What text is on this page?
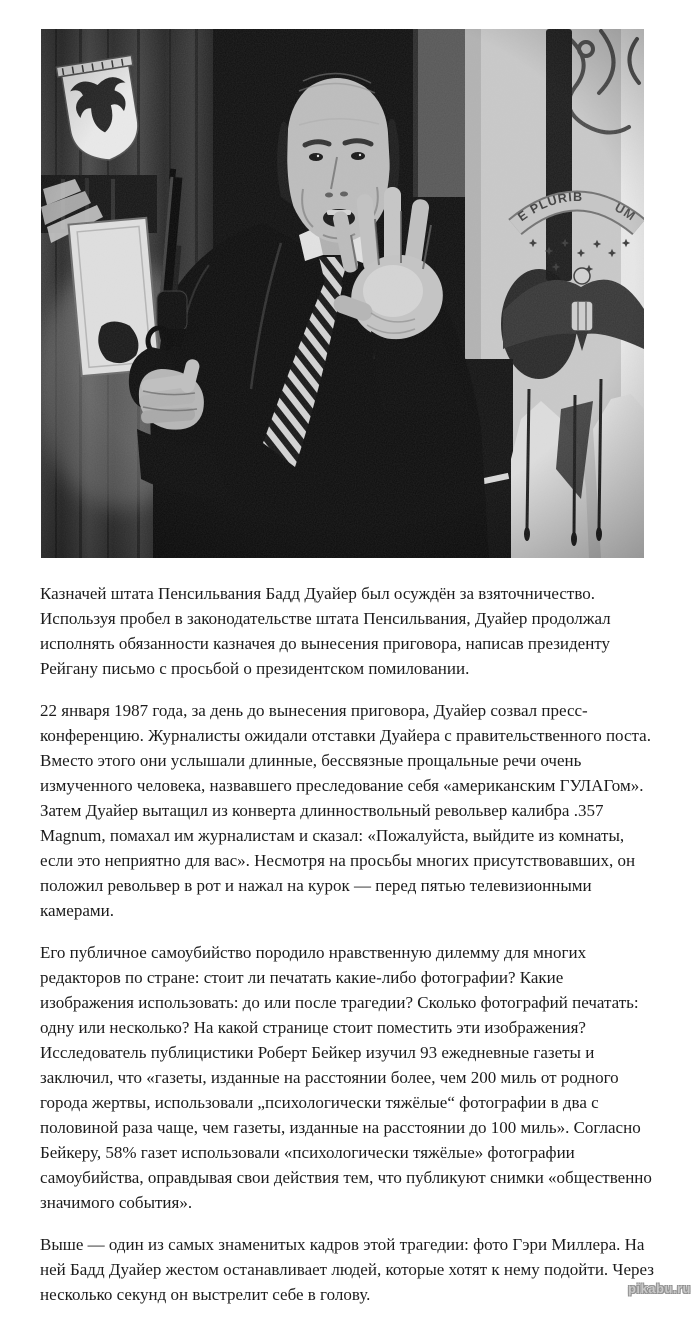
Казначей штата Пенсильвания Бадд Дуайер был осуждён за взяточничество. Используя пробел в законодательстве штата Пенсильвания, Дуайер продолжал исполнять обязанности казначея до вынесения приговора, написав президенту Рейгану письмо с просьбой о президентском помиловании.

22 января 1987 года, за день до вынесения приговора, Дуайер созвал пресс-конференцию. Журналисты ожидали отставки Дуайера с правительственного поста. Вместо этого они услышали длинные, бессвязные прощальные речи очень измученного человека, назвавшего преследование себя «американским ГУЛАГом». Затем Дуайер вытащил из конверта длинноствольный револьвер калибра .357 Magnum, помахал им журналистам и сказал: «Пожалуйста, выйдите из комнаты, если это неприятно для вас». Несмотря на просьбы многих присутствовавших, он положил револьвер в рот и нажал на курок — перед пятью телевизионными камерами.

Его публичное самоубийство породило нравственную дилемму для многих редакторов по стране: стоит ли печатать какие-либо фотографии? Какие изображения использовать: до или после трагедии? Сколько фотографий печатать: одну или несколько? На какой странице стоит поместить эти изображения? Исследователь публицистики Роберт Бейкер изучил 93 ежедневные газеты и заключил, что «газеты, изданные на расстоянии более, чем 200 миль от родного города жертвы, использовали „психологически тяжёлые“ фотографии в два с половиной раза чаще, чем газеты, изданные на расстоянии до 100 миль». Согласно Бейкеру, 58% газет использовали «психологически тяжёлые» фотографии самоубийства, оправдывая свои действия тем, что публикуют снимки «общественно значимого события».

Выше — один из самых знаменитых кадров этой трагедии: фото Гэри Миллера. На ней Бадд Дуайер жестом останавливает людей, которые хотят к нему подойти. Через несколько секунд он выстрелит себе в голову.	pikabu.ru
